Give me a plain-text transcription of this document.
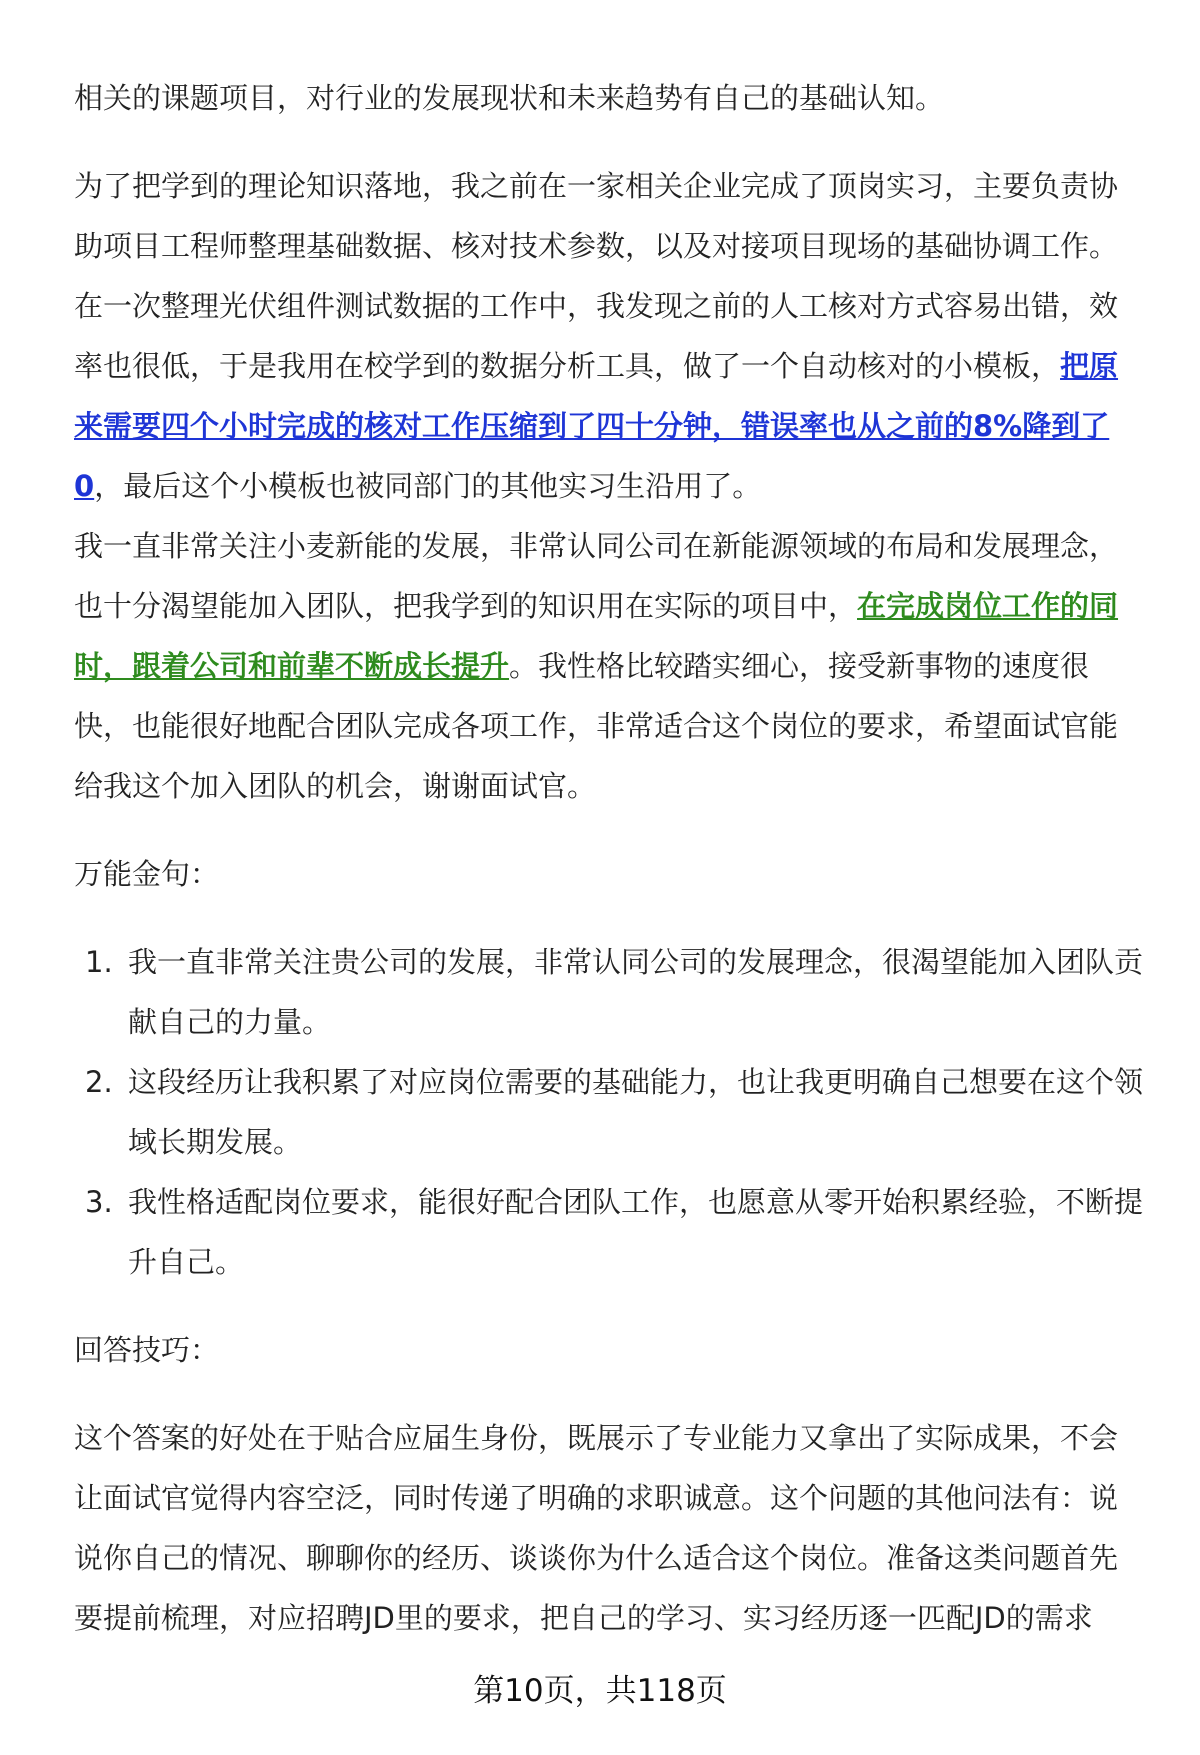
相关的课题项目，对行业的发展现状和未来趋势有自己的基础认知。

为了把学到的理论知识落地，我之前在一家相关企业完成了顶岗实习，主要负责协助项目工程师整理基础数据、核对技术参数，以及对接项目现场的基础协调工作。在一次整理光伏组件测试数据的工作中，我发现之前的人工核对方式容易出错，效率也很低，于是我用在校学到的数据分析工具，做了一个自动核对的小模板，把原来需要四个小时完成的核对工作压缩到了四十分钟，错误率也从之前的8%降到了0，最后这个小模板也被同部门的其他实习生沿用了。

我一直非常关注小麦新能的发展，非常认同公司在新能源领域的布局和发展理念，也十分渴望能加入团队，把我学到的知识用在实际的项目中，在完成岗位工作的同时，跟着公司和前辈不断成长提升。我性格比较踏实细心，接受新事物的速度很快，也能很好地配合团队完成各项工作，非常适合这个岗位的要求，希望面试官能给我这个加入团队的机会，谢谢面试官。

万能金句：

1. 我一直非常关注贵公司的发展，非常认同公司的发展理念，很渴望能加入团队贡献自己的力量。
2. 这段经历让我积累了对应岗位需要的基础能力，也让我更明确自己想要在这个领域长期发展。
3. 我性格适配岗位要求，能很好配合团队工作，也愿意从零开始积累经验，不断提升自己。

回答技巧：

这个答案的好处在于贴合应届生身份，既展示了专业能力又拿出了实际成果，不会让面试官觉得内容空泛，同时传递了明确的求职诚意。这个问题的其他问法有：说说你自己的情况、聊聊你的经历、谈谈你为什么适合这个岗位。准备这类问题首先要提前梳理，对应招聘JD里的要求，把自己的学习、实习经历逐一匹配JD的需求

第10页，共118页
